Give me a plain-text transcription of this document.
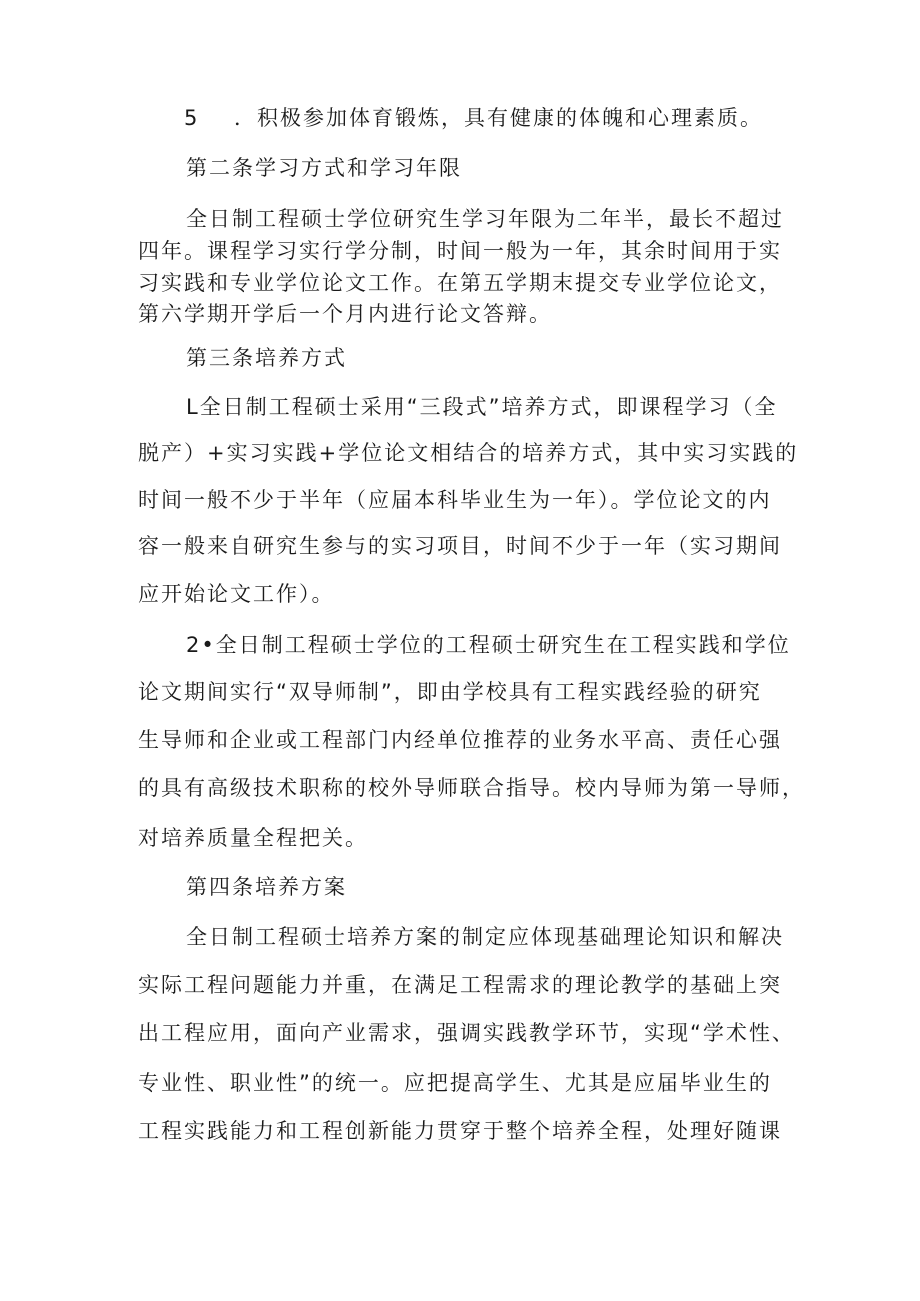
5 ．积极参加体育锻炼，具有健康的体魄和心理素质。
第二条学习方式和学习年限
全日制工程硕士学位研究生学习年限为二年半，最长不超过
四年。课程学习实行学分制，时间一般为一年，其余时间用于实
习实践和专业学位论文工作。在第五学期末提交专业学位论文，
第六学期开学后一个月内进行论文答辩。
第三条培养方式
L全日制工程硕士采用“三段式”培养方式，即课程学习（全
脱产）+实习实践+学位论文相结合的培养方式，其中实习实践的
时间一般不少于半年（应届本科毕业生为一年）。学位论文的内
容一般来自研究生参与的实习项目，时间不少于一年（实习期间
应开始论文工作）。
2•全日制工程硕士学位的工程硕士研究生在工程实践和学位
论文期间实行“双导师制”，即由学校具有工程实践经验的研究
生导师和企业或工程部门内经单位推荐的业务水平高、责任心强
的具有高级技术职称的校外导师联合指导。校内导师为第一导师，
对培养质量全程把关。
第四条培养方案
全日制工程硕士培养方案的制定应体现基础理论知识和解决
实际工程问题能力并重，在满足工程需求的理论教学的基础上突
出工程应用，面向产业需求，强调实践教学环节，实现“学术性、
专业性、职业性”的统一。应把提高学生、尤其是应届毕业生的
工程实践能力和工程创新能力贯穿于整个培养全程，处理好随课
